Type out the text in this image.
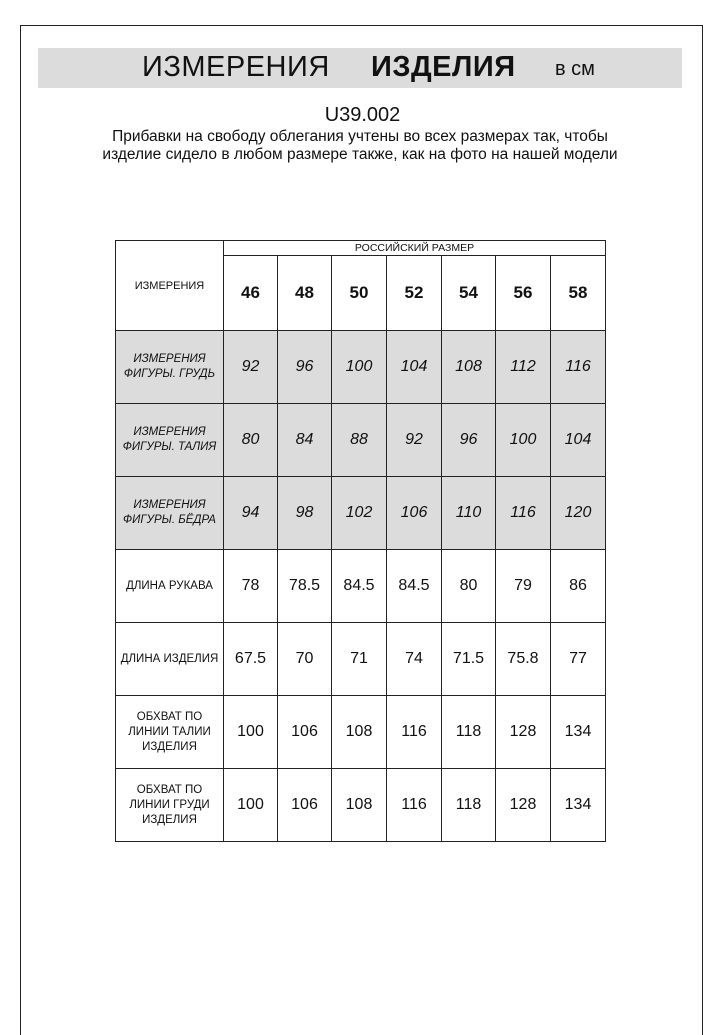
ИЗМЕРЕНИЯ ИЗДЕЛИЯ в см
U39.002
Прибавки на свободу облегания учтены во всех размерах так, чтобы изделие сидело в любом размере также, как на фото на нашей модели
ИЗМЕРЕНИЯ	РОССИЙСКИЙ РАЗМЕР						
	46	48	50	52	54	56	58
ИЗМЕРЕНИЯ ФИГУРЫ. ГРУДЬ	92	96	100	104	108	112	116
ИЗМЕРЕНИЯ ФИГУРЫ. ТАЛИЯ	80	84	88	92	96	100	104
ИЗМЕРЕНИЯ ФИГУРЫ. БЁДРА	94	98	102	106	110	116	120
ДЛИНА РУКАВА	78	78.5	84.5	84.5	80	79	86
ДЛИНА ИЗДЕЛИЯ	67.5	70	71	74	71.5	75.8	77
ОБХВАТ ПО ЛИНИИ ТАЛИИ ИЗДЕЛИЯ	100	106	108	116	118	128	134
ОБХВАТ ПО ЛИНИИ ГРУДИ ИЗДЕЛИЯ	100	106	108	116	118	128	134
